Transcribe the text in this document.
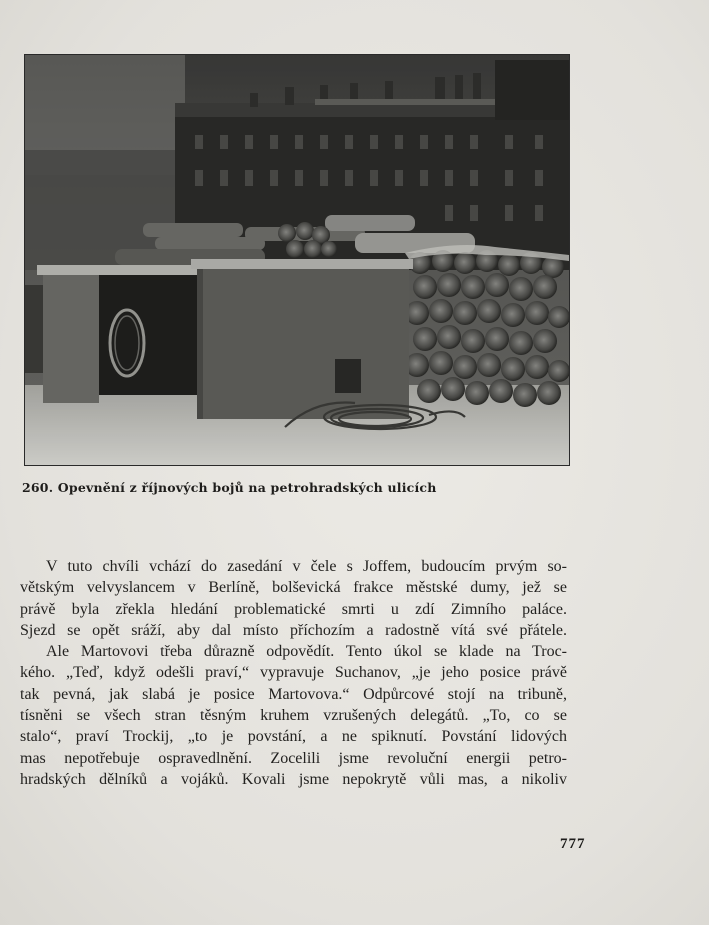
260. Opevnění z říjnových bojů na petrohradských ulicích
V tuto chvíli vchází do zasedání v čele s Joffem, budoucím prvým so-
větským velvyslancem v Berlíně, bolševická frakce městské dumy, jež se
právě byla zřekla hledání problematické smrti u zdí Zimního paláce.
Sjezd se opět sráží, aby dal místo příchozím a radostně vítá své přátele.
Ale Martovovi třeba důrazně odpovědít. Tento úkol se klade na Troc-
kého. „Teď, když odešli praví,“ vypravuje Suchanov, „je jeho posice právě
tak pevná, jak slabá je posice Martovova.“ Odpůrcové stojí na tribuně,
tísněni se všech stran těsným kruhem vzrušených delegátů. „To, co se
stalo“, praví Trockij, „to je povstání, a ne spiknutí. Povstání lidových
mas nepotřebuje ospravedlnění. Zocelili jsme revoluční energii petro-
hradských dělníků a vojáků. Kovali jsme nepokrytě vůli mas, a nikoliv
777
